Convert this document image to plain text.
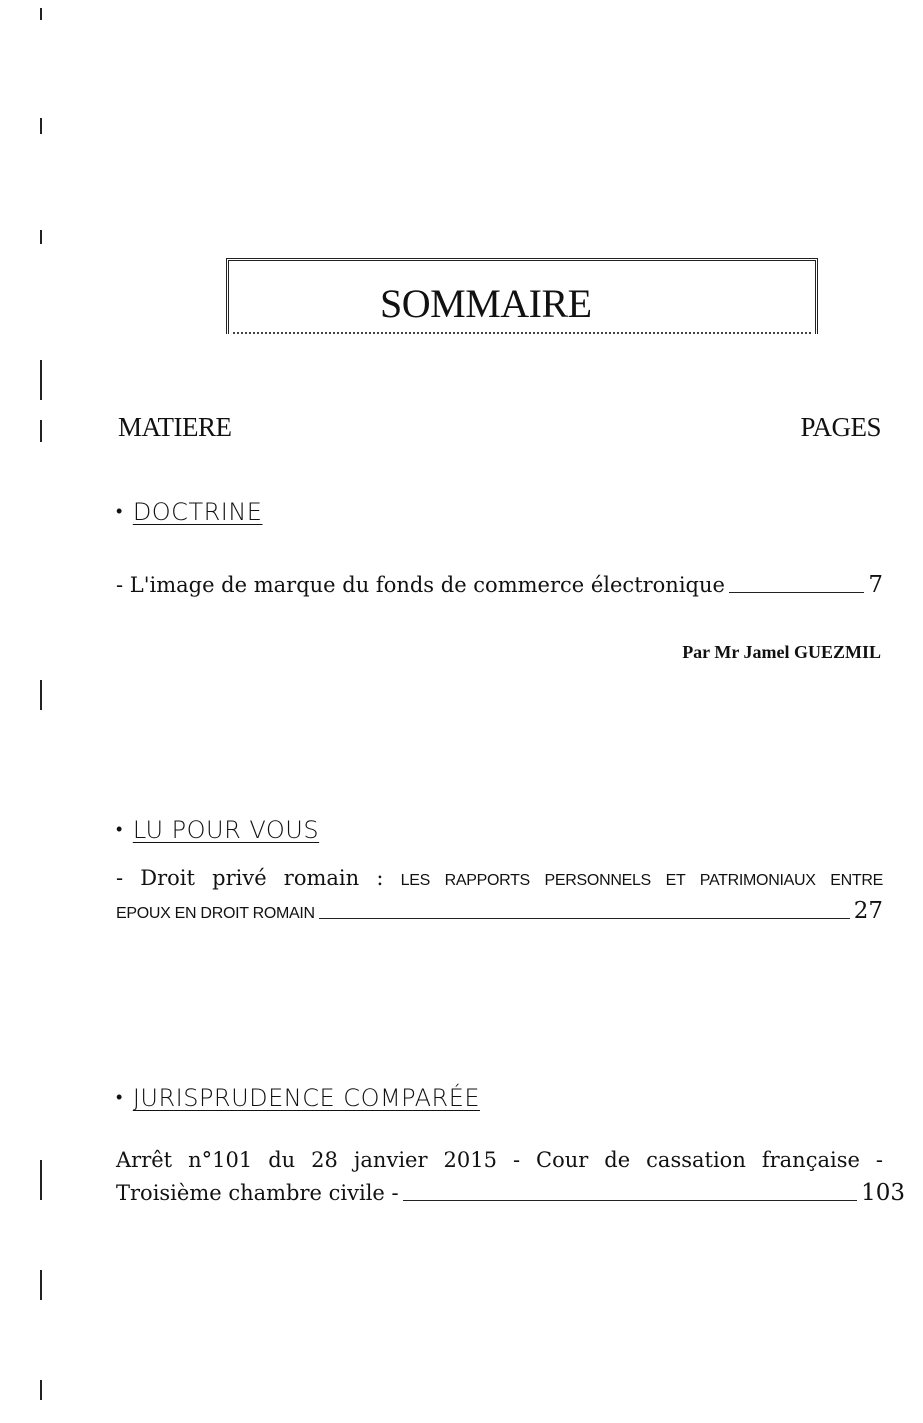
SOMMAIRE
MATIERE	PAGES
• DOCTRINE
- L'image de marque du fonds de commerce électronique	7
Par Mr Jamel GUEZMIL
• LU POUR VOUS
- Droit privé romain : LES RAPPORTS PERSONNELS ET PATRIMONIAUX ENTRE
EPOUX EN DROIT ROMAIN	27
• JURISPRUDENCE COMPARÉE
Arrêt n°101 du 28 janvier 2015 - Cour de cassation française -
Troisième chambre civile -	103
